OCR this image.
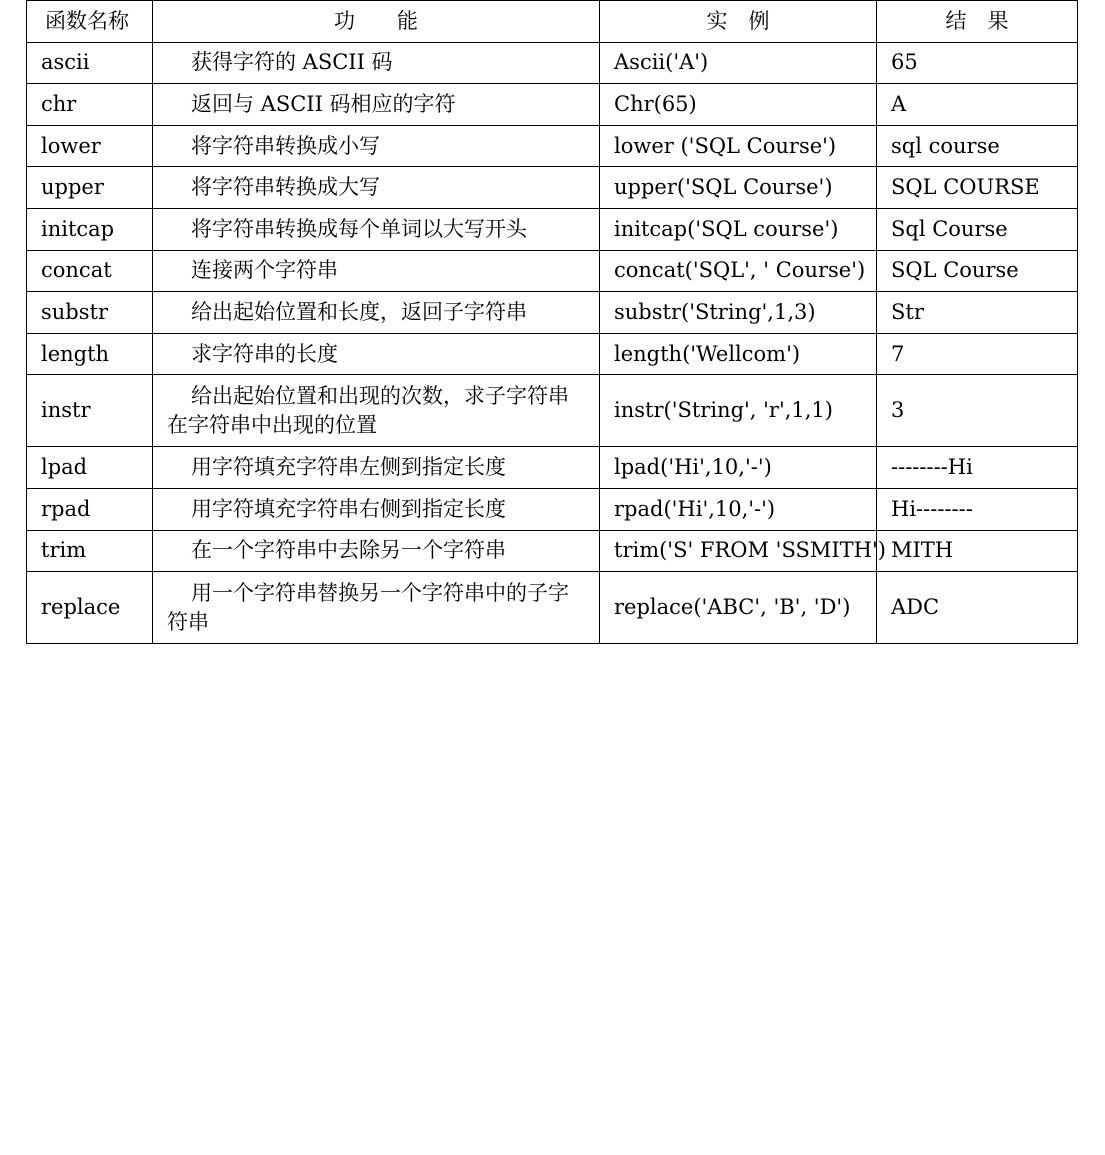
函数名称	功　　能	实　例	结　果
ascii	获得字符的 ASCII 码	Ascii('A')	65
chr	返回与 ASCII 码相应的字符	Chr(65)	A
lower	将字符串转换成小写	lower ('SQL Course')	sql course
upper	将字符串转换成大写	upper('SQL Course')	SQL COURSE
initcap	将字符串转换成每个单词以大写开头	initcap('SQL course')	Sql Course
concat	连接两个字符串	concat('SQL', ' Course')	SQL Course
substr	给出起始位置和长度，返回子字符串	substr('String',1,3)	Str
length	求字符串的长度	length('Wellcom')	7
instr	给出起始位置和出现的次数，求子字符串在字符串中出现的位置	instr('String', 'r',1,1)	3
lpad	用字符填充字符串左侧到指定长度	lpad('Hi',10,'-')	--------Hi
rpad	用字符填充字符串右侧到指定长度	rpad('Hi',10,'-')	Hi--------
trim	在一个字符串中去除另一个字符串	trim('S' FROM 'SSMITH')	MITH
replace	用一个字符串替换另一个字符串中的子字符串	replace('ABC', 'B', 'D')	ADC
